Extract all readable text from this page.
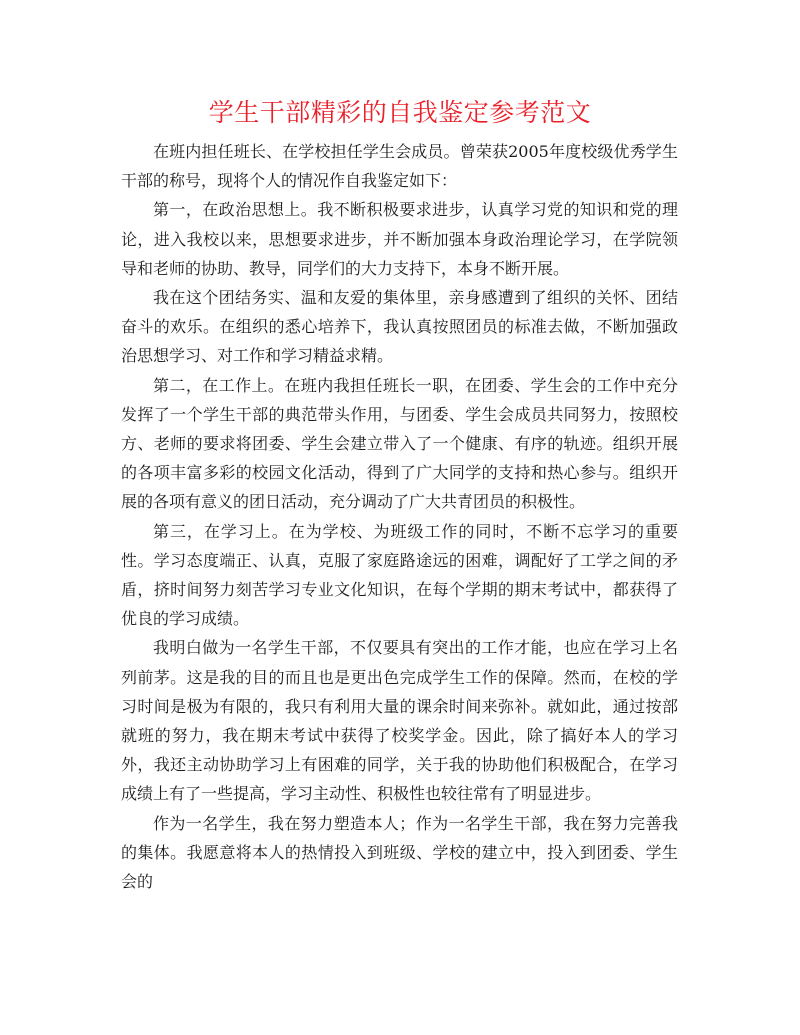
学生干部精彩的自我鉴定参考范文

在班内担任班长、在学校担任学生会成员。曾荣获2005年度校级优秀学生干部的称号，现将个人的情况作自我鉴定如下：

第一，在政治思想上。我不断积极要求进步，认真学习党的知识和党的理论，进入我校以来，思想要求进步，并不断加强本身政治理论学习，在学院领导和老师的协助、教导，同学们的大力支持下，本身不断开展。

我在这个团结务实、温和友爱的集体里，亲身感遭到了组织的关怀、团结奋斗的欢乐。在组织的悉心培养下，我认真按照团员的标准去做，不断加强政治思想学习、对工作和学习精益求精。

第二，在工作上。在班内我担任班长一职，在团委、学生会的工作中充分发挥了一个学生干部的典范带头作用，与团委、学生会成员共同努力，按照校方、老师的要求将团委、学生会建立带入了一个健康、有序的轨迹。组织开展的各项丰富多彩的校园文化活动，得到了广大同学的支持和热心参与。组织开展的各项有意义的团日活动，充分调动了广大共青团员的积极性。

第三，在学习上。在为学校、为班级工作的同时，不断不忘学习的重要性。学习态度端正、认真，克服了家庭路途远的困难，调配好了工学之间的矛盾，挤时间努力刻苦学习专业文化知识，在每个学期的期末考试中，都获得了优良的学习成绩。

我明白做为一名学生干部，不仅要具有突出的工作才能，也应在学习上名列前茅。这是我的目的而且也是更出色完成学生工作的保障。然而，在校的学习时间是极为有限的，我只有利用大量的课余时间来弥补。就如此，通过按部就班的努力，我在期末考试中获得了校奖学金。因此，除了搞好本人的学习外，我还主动协助学习上有困难的同学，关于我的协助他们积极配合，在学习成绩上有了一些提高，学习主动性、积极性也较往常有了明显进步。

作为一名学生，我在努力塑造本人；作为一名学生干部，我在努力完善我的集体。我愿意将本人的热情投入到班级、学校的建立中，投入到团委、学生会的
